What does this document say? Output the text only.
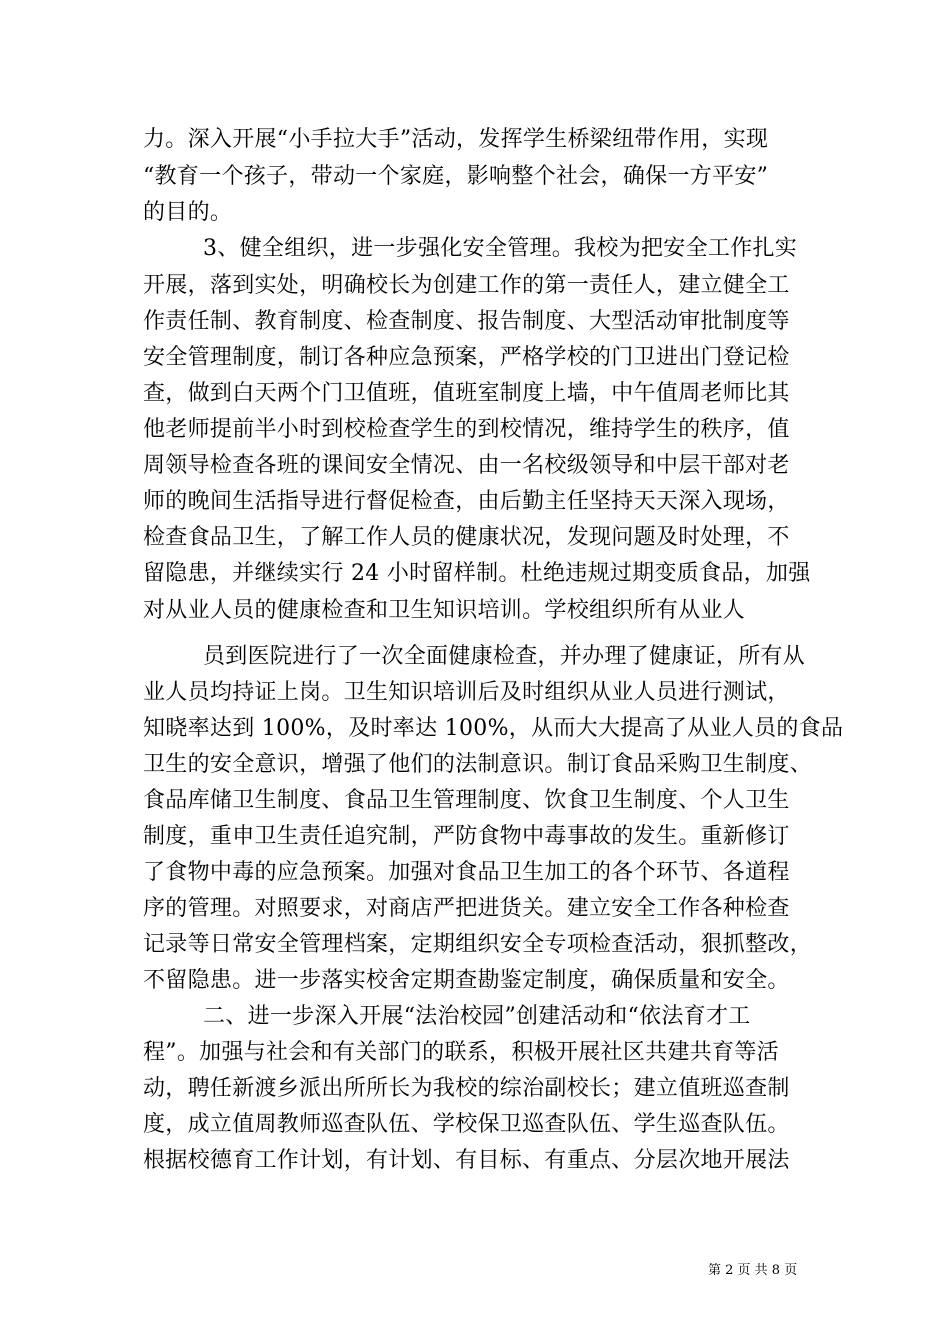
力。深入开展“小手拉大手”活动，发挥学生桥梁纽带作用，实现
“教育一个孩子，带动一个家庭，影响整个社会，确保一方平安”
的目的。
3、健全组织，进一步强化安全管理。我校为把安全工作扎实
开展，落到实处，明确校长为创建工作的第一责任人，建立健全工
作责任制、教育制度、检查制度、报告制度、大型活动审批制度等
安全管理制度，制订各种应急预案，严格学校的门卫进出门登记检
查，做到白天两个门卫值班，值班室制度上墙，中午值周老师比其
他老师提前半小时到校检查学生的到校情况，维持学生的秩序，值
周领导检查各班的课间安全情况、由一名校级领导和中层干部对老
师的晚间生活指导进行督促检查，由后勤主任坚持天天深入现场，
检查食品卫生，了解工作人员的健康状况，发现问题及时处理，不
留隐患，并继续实行 24 小时留样制。杜绝违规过期变质食品，加强
对从业人员的健康检查和卫生知识培训。学校组织所有从业人
员到医院进行了一次全面健康检查，并办理了健康证，所有从
业人员均持证上岗。卫生知识培训后及时组织从业人员进行测试，
知晓率达到 100%，及时率达 100%，从而大大提高了从业人员的食品
卫生的安全意识，增强了他们的法制意识。制订食品采购卫生制度、
食品库储卫生制度、食品卫生管理制度、饮食卫生制度、个人卫生
制度，重申卫生责任追究制，严防食物中毒事故的发生。重新修订
了食物中毒的应急预案。加强对食品卫生加工的各个环节、各道程
序的管理。对照要求，对商店严把进货关。建立安全工作各种检查
记录等日常安全管理档案，定期组织安全专项检查活动，狠抓整改，
不留隐患。进一步落实校舍定期查勘鉴定制度，确保质量和安全。
二、进一步深入开展“法治校园”创建活动和“依法育才工
程”。加强与社会和有关部门的联系，积极开展社区共建共育等活
动，聘任新渡乡派出所所长为我校的综治副校长；建立值班巡查制
度，成立值周教师巡查队伍、学校保卫巡查队伍、学生巡查队伍。
根据校德育工作计划，有计划、有目标、有重点、分层次地开展法
第 2 页 共 8 页
